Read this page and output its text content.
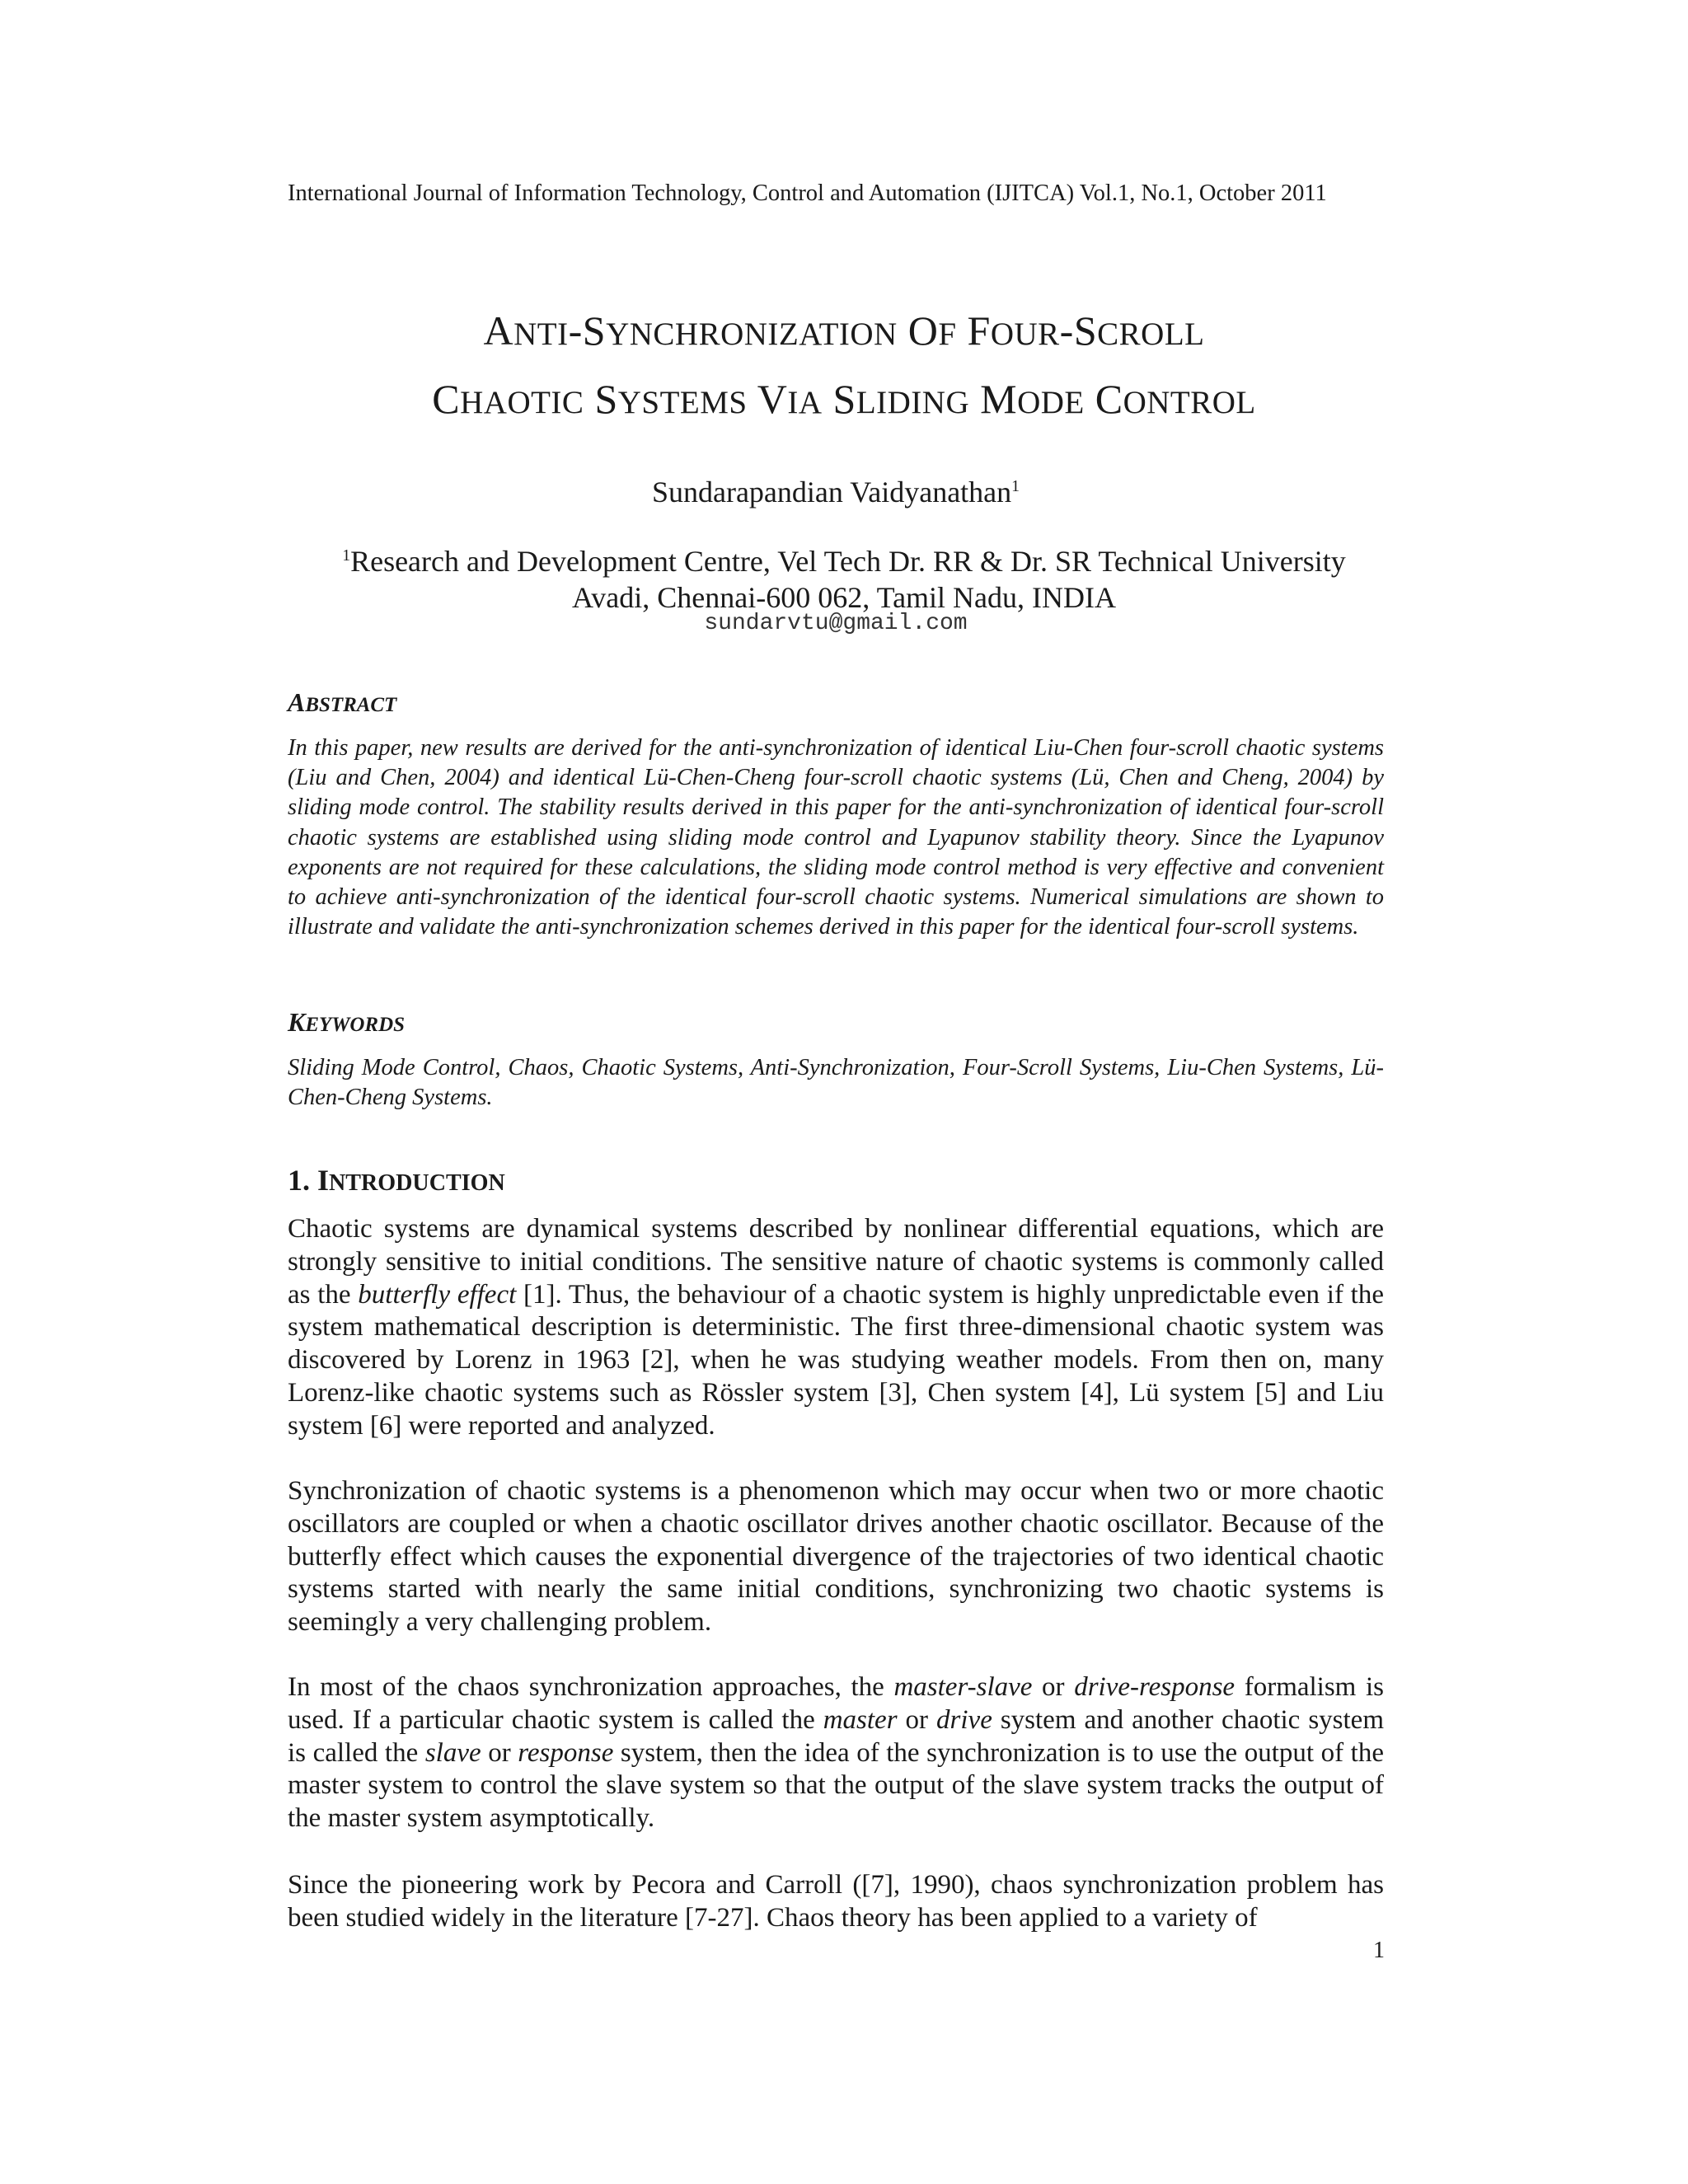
International Journal of Information Technology, Control and Automation (IJITCA) Vol.1, No.1, October 2011
ANTI-SYNCHRONIZATION OF FOUR-SCROLL
CHAOTIC SYSTEMS VIA SLIDING MODE CONTROL
Sundarapandian Vaidyanathan$^1$
$^1$Research and Development Centre, Vel Tech Dr. RR & Dr. SR Technical University
Avadi, Chennai-600 062, Tamil Nadu, INDIA
sundarvtu@gmail.com
ABSTRACT

In this paper, new results are derived for the anti-synchronization of identical Liu-Chen four-scroll chaotic systems (Liu and Chen, 2004) and identical Lü-Chen-Cheng four-scroll chaotic systems (Lü, Chen and Cheng, 2004) by sliding mode control. The stability results derived in this paper for the anti-synchronization of identical four-scroll chaotic systems are established using sliding mode control and Lyapunov stability theory. Since the Lyapunov exponents are not required for these calculations, the sliding mode control method is very effective and convenient to achieve anti-synchronization of the identical four-scroll chaotic systems. Numerical simulations are shown to illustrate and validate the anti-synchronization schemes derived in this paper for the identical four-scroll systems.

KEYWORDS

Sliding Mode Control, Chaos, Chaotic Systems, Anti-Synchronization, Four-Scroll Systems, Liu-Chen Systems, Lü-Chen-Cheng Systems.

1. INTRODUCTION

Chaotic systems are dynamical systems described by nonlinear differential equations, which are strongly sensitive to initial conditions. The sensitive nature of chaotic systems is commonly called as the butterfly effect [1]. Thus, the behaviour of a chaotic system is highly unpredictable even if the system mathematical description is deterministic. The first three-dimensional chaotic system was discovered by Lorenz in 1963 [2], when he was studying weather models. From then on, many Lorenz-like chaotic systems such as Rössler system [3], Chen system [4], Lü system [5] and Liu system [6] were reported and analyzed.

Synchronization of chaotic systems is a phenomenon which may occur when two or more chaotic oscillators are coupled or when a chaotic oscillator drives another chaotic oscillator. Because of the butterfly effect which causes the exponential divergence of the trajectories of two identical chaotic systems started with nearly the same initial conditions, synchronizing two chaotic systems is seemingly a very challenging problem.

In most of the chaos synchronization approaches, the master-slave or drive-response formalism is used. If a particular chaotic system is called the master or drive system and another chaotic system is called the slave or response system, then the idea of the synchronization is to use the output of the master system to control the slave system so that the output of the slave system tracks the output of the master system asymptotically.

Since the pioneering work by Pecora and Carroll ([7], 1990), chaos synchronization problem has been studied widely in the literature [7-27]. Chaos theory has been applied to a variety of

1
